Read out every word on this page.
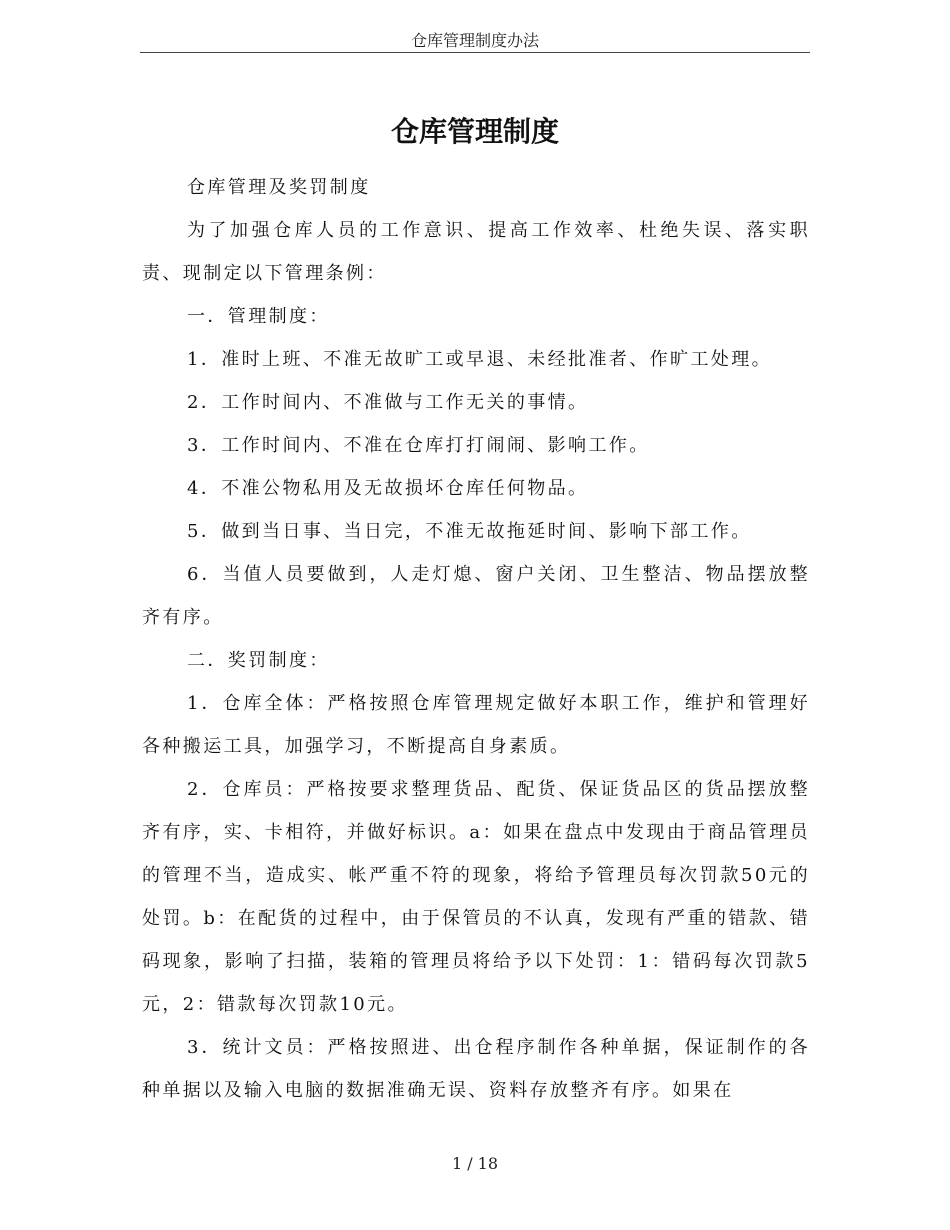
仓库管理制度办法
仓库管理制度

仓库管理及奖罚制度

为了加强仓库人员的工作意识、提高工作效率、杜绝失误、落实职责、现制定以下管理条例：

一．管理制度：

1．准时上班、不准无故旷工或早退、未经批准者、作旷工处理。

2．工作时间内、不准做与工作无关的事情。

3．工作时间内、不准在仓库打打闹闹、影响工作。

4．不准公物私用及无故损坏仓库任何物品。

5．做到当日事、当日完，不准无故拖延时间、影响下部工作。

6．当值人员要做到，人走灯熄、窗户关闭、卫生整洁、物品摆放整齐有序。

二．奖罚制度：

1．仓库全体：严格按照仓库管理规定做好本职工作，维护和管理好各种搬运工具，加强学习，不断提高自身素质。

2．仓库员：严格按要求整理货品、配货、保证货品区的货品摆放整齐有序，实、卡相符，并做好标识。a：如果在盘点中发现由于商品管理员的管理不当，造成实、帐严重不符的现象，将给予管理员每次罚款50元的处罚。b：在配货的过程中，由于保管员的不认真，发现有严重的错款、错码现象，影响了扫描，装箱的管理员将给予以下处罚：1：错码每次罚款5元，2：错款每次罚款10元。

3．统计文员：严格按照进、出仓程序制作各种单据，保证制作的各种单据以及输入电脑的数据准确无误、资料存放整齐有序。如果在

1 / 18
